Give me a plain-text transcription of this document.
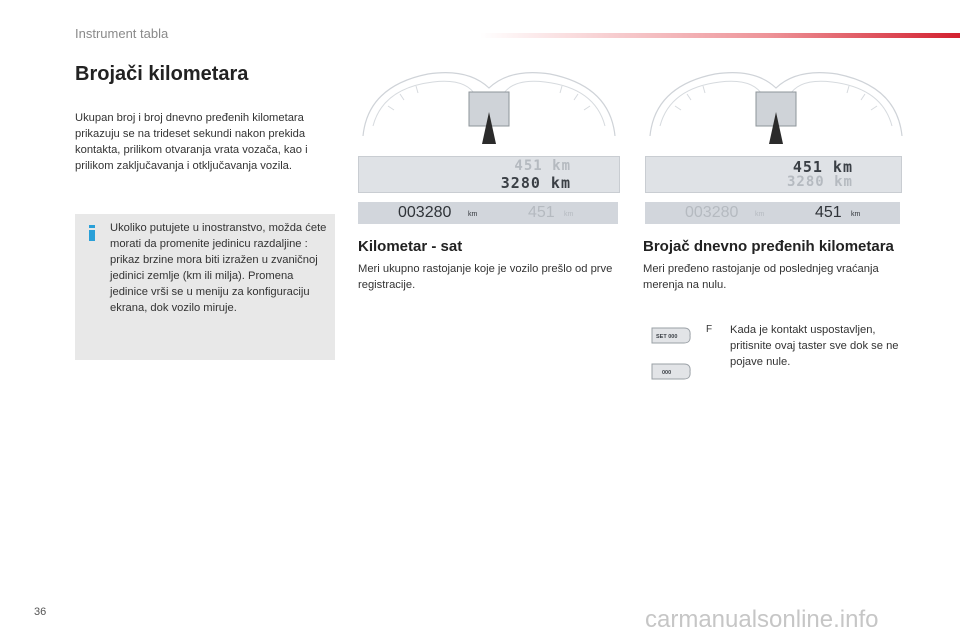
Instrument tabla
Brojači kilometara
Ukupan broj i broj dnevno pređenih kilometara prikazuju se na trideset sekundi nakon prekida kontakta, prilikom otvaranja vrata vozača, kao i prilikom zaključavanja i otključavanja vozila.
Ukoliko putujete u inostranstvo, možda ćete morati da promenite jedinicu razdaljine : prikaz brzine mora biti izražen u zvaničnoj jedinici zemlje (km ili milja). Promena jedinice vrši se u meniju za konfiguraciju ekrana, dok vozilo miruje.
451 km
3280 km
003280 km	451 km
451 km
3280 km
003280 km	451 km
Kilometar - sat
Meri ukupno rastojanje koje je vozilo prešlo od prve registracije.
Brojač dnevno pređenih kilometara
Meri pređeno rastojanje od poslednjeg vraćanja merenja na nulu.
SET 000
000
F Kada je kontakt uspostavljen, pritisnite ovaj taster sve dok se ne pojave nule.
36	carmanualsonline.info
